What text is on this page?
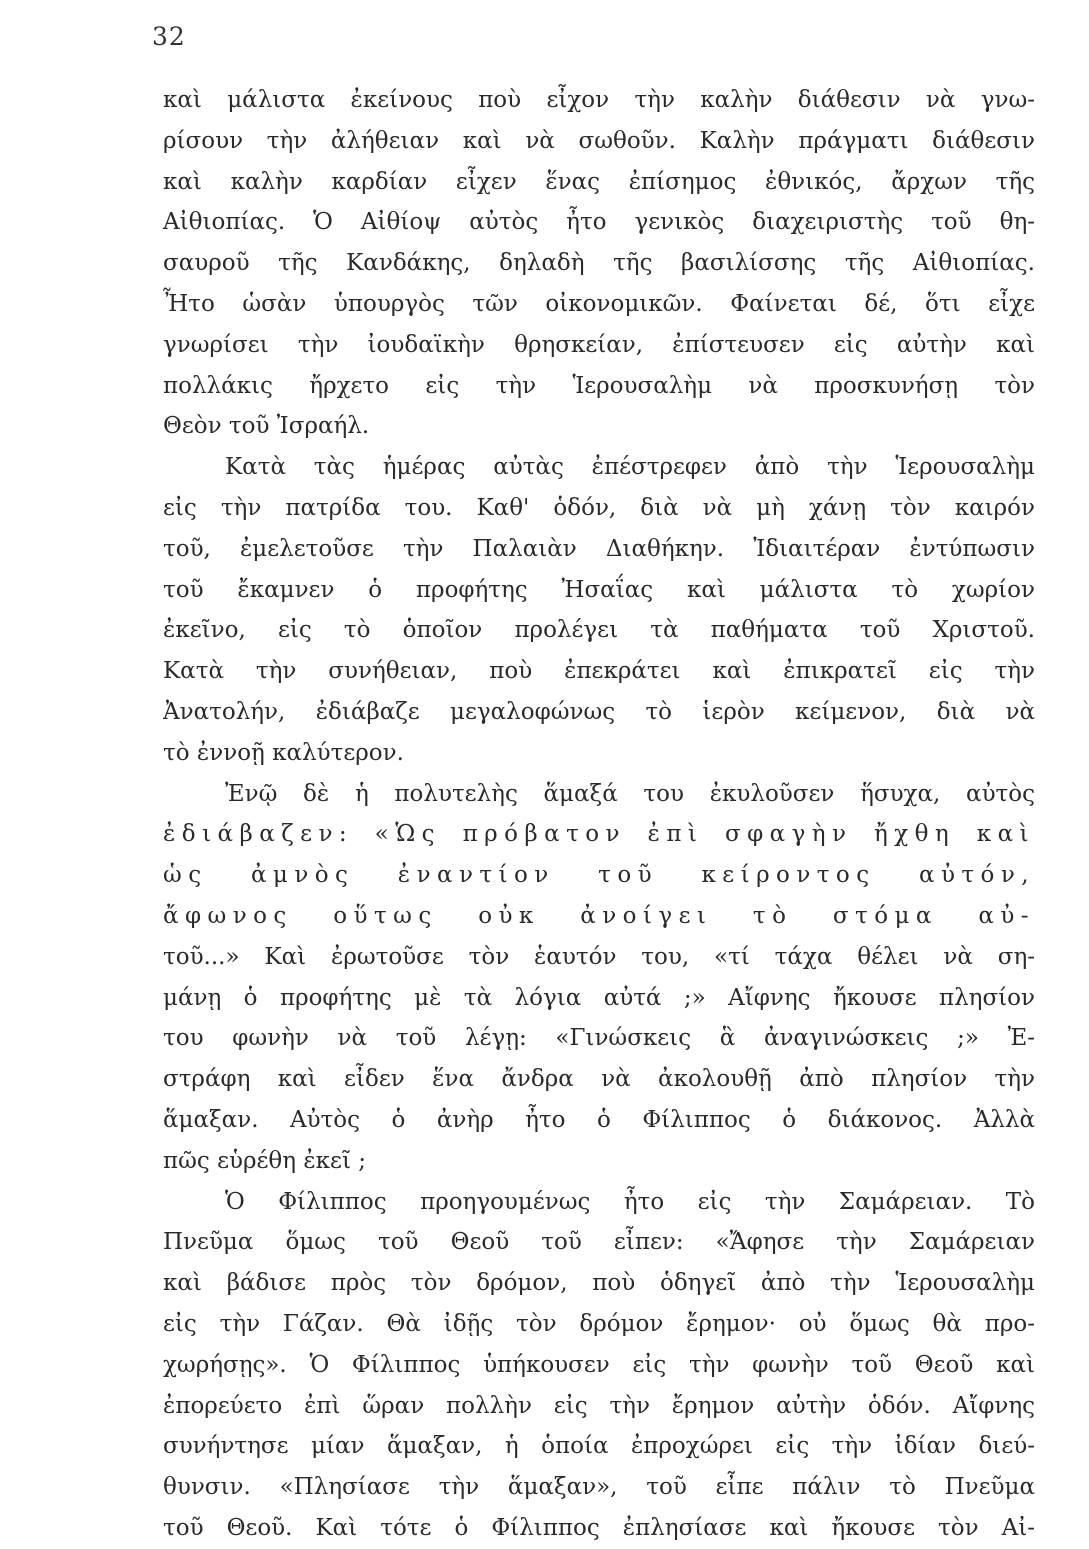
32
καὶ μάλιστα ἐκείνους ποὺ εἶχον τὴν καλὴν διάθεσιν νὰ γνω-
ρίσουν τὴν ἀλήθειαν καὶ νὰ σωθοῦν. Καλὴν πράγματι διάθεσιν
καὶ καλὴν καρδίαν εἶχεν ἕνας ἐπίσημος ἐθνικός, ἄρχων τῆς
Αἰθιοπίας. Ὁ Αἰθίοψ αὐτὸς ἦτο γενικὸς διαχειριστὴς τοῦ θη-
σαυροῦ τῆς Κανδάκης, δηλαδὴ τῆς βασιλίσσης τῆς Αἰθιοπίας.
Ἦτο ὡσὰν ὑπουργὸς τῶν οἰκονομικῶν. Φαίνεται δέ, ὅτι εἶχε
γνωρίσει τὴν ἰουδαϊκὴν θρησκείαν, ἐπίστευσεν εἰς αὐτὴν καὶ
πολλάκις ἤρχετο εἰς τὴν Ἱερουσαλὴμ νὰ προσκυνήσῃ τὸν
Θεὸν τοῦ Ἰσραήλ.
Κατὰ τὰς ἡμέρας αὐτὰς ἐπέστρεφεν ἀπὸ τὴν Ἱερουσαλὴμ
εἰς τὴν πατρίδα του. Καθ' ὁδόν, διὰ νὰ μὴ χάνῃ τὸν καιρόν
τοῦ, ἐμελετοῦσε τὴν Παλαιὰν Διαθήκην. Ἰδιαιτέραν ἐντύπωσιν
τοῦ ἔκαμνεν ὁ προφήτης Ἠσαΐας καὶ μάλιστα τὸ χωρίον
ἐκεῖνο, εἰς τὸ ὁποῖον προλέγει τὰ παθήματα τοῦ Χριστοῦ.
Κατὰ τὴν συνήθειαν, ποὺ ἐπεκράτει καὶ ἐπικρατεῖ εἰς τὴν
Ἀνατολήν, ἐδιάβαζε μεγαλοφώνως τὸ ἱερὸν κείμενον, διὰ νὰ
τὸ ἐννοῇ καλύτερον.
Ἐνῷ δὲ ἡ πολυτελὴς ἅμαξά του ἐκυλοῦσεν ἥσυχα, αὐτὸς
ἐδιάβαζεν: «Ὡς πρόβατον ἐπὶ σφαγὴν ἤχθη καὶ
ὡς ἀμνὸς ἐναντίον τοῦ κείροντος αὐτόν,
ἄφωνος οὕτως οὐκ ἀνοίγει τὸ στόμα αὐ-
τοῦ...» Καὶ ἐρωτοῦσε τὸν ἑαυτόν του, «τί τάχα θέλει νὰ ση-
μάνῃ ὁ προφήτης μὲ τὰ λόγια αὐτά ;» Αἴφνης ἤκουσε πλησίον
του φωνὴν νὰ τοῦ λέγῃ: «Γινώσκεις ἃ ἀναγινώσκεις ;» Ἐ-
στράφη καὶ εἶδεν ἕνα ἄνδρα νὰ ἀκολουθῇ ἀπὸ πλησίον τὴν
ἅμαξαν. Αὐτὸς ὁ ἀνὴρ ἦτο ὁ Φίλιππος ὁ διάκονος. Ἀλλὰ
πῶς εὑρέθη ἐκεῖ ;
Ὁ Φίλιππος προηγουμένως ἦτο εἰς τὴν Σαμάρειαν. Τὸ
Πνεῦμα ὅμως τοῦ Θεοῦ τοῦ εἶπεν: «Ἄφησε τὴν Σαμάρειαν
καὶ βάδισε πρὸς τὸν δρόμον, ποὺ ὁδηγεῖ ἀπὸ τὴν Ἱερουσαλὴμ
εἰς τὴν Γάζαν. Θὰ ἰδῇς τὸν δρόμον ἔρημον· οὐ ὅμως θὰ προ-
χωρήσῃς». Ὁ Φίλιππος ὑπήκουσεν εἰς τὴν φωνὴν τοῦ Θεοῦ καὶ
ἐπορεύετο ἐπὶ ὥραν πολλὴν εἰς τὴν ἔρημον αὐτὴν ὁδόν. Αἴφνης
συνήντησε μίαν ἅμαξαν, ἡ ὁποία ἐπροχώρει εἰς τὴν ἰδίαν διεύ-
θυνσιν. «Πλησίασε τὴν ἅμαξαν», τοῦ εἶπε πάλιν τὸ Πνεῦμα
τοῦ Θεοῦ. Καὶ τότε ὁ Φίλιππος ἐπλησίασε καὶ ἤκουσε τὸν Αἰ-
